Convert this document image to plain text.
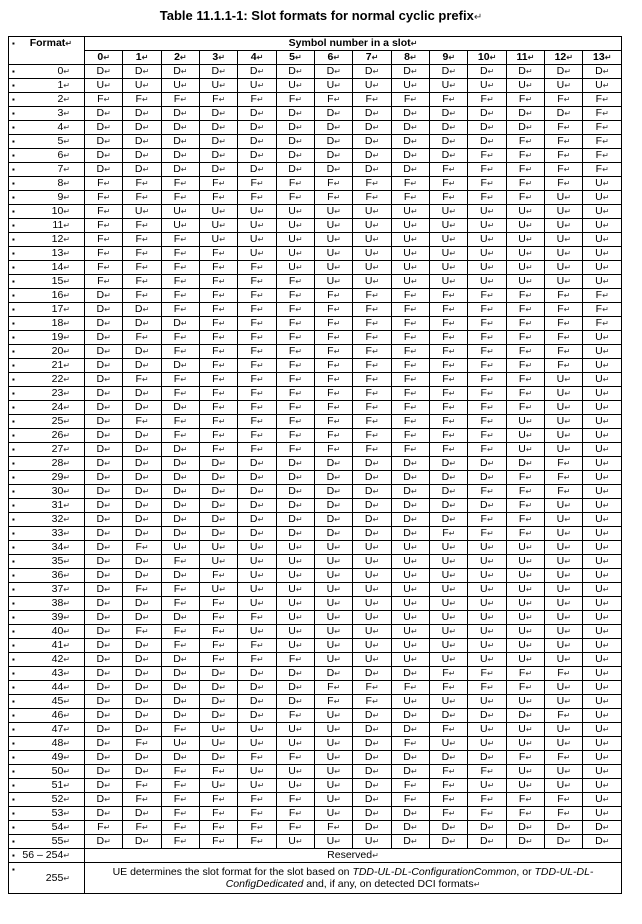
Table 11.1.1-1: Slot formats for normal cyclic prefix↵
▪ Format↵	Symbol number in a slot↵													
	0↵	1↵	2↵	3↵	4↵	5↵	6↵	7↵	8↵	9↵	10↵	11↵	12↵	13↵

▪ 0↵	D↵	D↵	D↵	D↵	D↵	D↵	D↵	D↵	D↵	D↵	D↵	D↵	D↵	D↵

▪ 1↵	U↵	U↵	U↵	U↵	U↵	U↵	U↵	U↵	U↵	U↵	U↵	U↵	U↵	U↵

▪ 2↵	F↵	F↵	F↵	F↵	F↵	F↵	F↵	F↵	F↵	F↵	F↵	F↵	F↵	F↵

▪ 3↵	D↵	D↵	D↵	D↵	D↵	D↵	D↵	D↵	D↵	D↵	D↵	D↵	D↵	F↵

▪ 4↵	D↵	D↵	D↵	D↵	D↵	D↵	D↵	D↵	D↵	D↵	D↵	D↵	F↵	F↵

▪ 5↵	D↵	D↵	D↵	D↵	D↵	D↵	D↵	D↵	D↵	D↵	D↵	F↵	F↵	F↵

▪ 6↵	D↵	D↵	D↵	D↵	D↵	D↵	D↵	D↵	D↵	D↵	F↵	F↵	F↵	F↵

▪ 7↵	D↵	D↵	D↵	D↵	D↵	D↵	D↵	D↵	D↵	F↵	F↵	F↵	F↵	F↵

▪ 8↵	F↵	F↵	F↵	F↵	F↵	F↵	F↵	F↵	F↵	F↵	F↵	F↵	F↵	U↵

▪ 9↵	F↵	F↵	F↵	F↵	F↵	F↵	F↵	F↵	F↵	F↵	F↵	F↵	U↵	U↵

▪ 10↵	F↵	U↵	U↵	U↵	U↵	U↵	U↵	U↵	U↵	U↵	U↵	U↵	U↵	U↵

▪ 11↵	F↵	F↵	U↵	U↵	U↵	U↵	U↵	U↵	U↵	U↵	U↵	U↵	U↵	U↵

▪ 12↵	F↵	F↵	F↵	U↵	U↵	U↵	U↵	U↵	U↵	U↵	U↵	U↵	U↵	U↵

▪ 13↵	F↵	F↵	F↵	F↵	U↵	U↵	U↵	U↵	U↵	U↵	U↵	U↵	U↵	U↵

▪ 14↵	F↵	F↵	F↵	F↵	F↵	U↵	U↵	U↵	U↵	U↵	U↵	U↵	U↵	U↵

▪ 15↵	F↵	F↵	F↵	F↵	F↵	F↵	U↵	U↵	U↵	U↵	U↵	U↵	U↵	U↵

▪ 16↵	D↵	F↵	F↵	F↵	F↵	F↵	F↵	F↵	F↵	F↵	F↵	F↵	F↵	F↵

▪ 17↵	D↵	D↵	F↵	F↵	F↵	F↵	F↵	F↵	F↵	F↵	F↵	F↵	F↵	F↵

▪ 18↵	D↵	D↵	D↵	F↵	F↵	F↵	F↵	F↵	F↵	F↵	F↵	F↵	F↵	F↵

▪ 19↵	D↵	F↵	F↵	F↵	F↵	F↵	F↵	F↵	F↵	F↵	F↵	F↵	F↵	U↵

▪ 20↵	D↵	D↵	F↵	F↵	F↵	F↵	F↵	F↵	F↵	F↵	F↵	F↵	F↵	U↵

▪ 21↵	D↵	D↵	D↵	F↵	F↵	F↵	F↵	F↵	F↵	F↵	F↵	F↵	F↵	U↵

▪ 22↵	D↵	F↵	F↵	F↵	F↵	F↵	F↵	F↵	F↵	F↵	F↵	F↵	U↵	U↵

▪ 23↵	D↵	D↵	F↵	F↵	F↵	F↵	F↵	F↵	F↵	F↵	F↵	F↵	U↵	U↵

▪ 24↵	D↵	D↵	D↵	F↵	F↵	F↵	F↵	F↵	F↵	F↵	F↵	F↵	U↵	U↵

▪ 25↵	D↵	F↵	F↵	F↵	F↵	F↵	F↵	F↵	F↵	F↵	F↵	U↵	U↵	U↵

▪ 26↵	D↵	D↵	F↵	F↵	F↵	F↵	F↵	F↵	F↵	F↵	F↵	U↵	U↵	U↵

▪ 27↵	D↵	D↵	D↵	F↵	F↵	F↵	F↵	F↵	F↵	F↵	F↵	U↵	U↵	U↵

▪ 28↵	D↵	D↵	D↵	D↵	D↵	D↵	D↵	D↵	D↵	D↵	D↵	D↵	F↵	U↵

▪ 29↵	D↵	D↵	D↵	D↵	D↵	D↵	D↵	D↵	D↵	D↵	D↵	F↵	F↵	U↵

▪ 30↵	D↵	D↵	D↵	D↵	D↵	D↵	D↵	D↵	D↵	D↵	F↵	F↵	F↵	U↵

▪ 31↵	D↵	D↵	D↵	D↵	D↵	D↵	D↵	D↵	D↵	D↵	D↵	F↵	U↵	U↵

▪ 32↵	D↵	D↵	D↵	D↵	D↵	D↵	D↵	D↵	D↵	D↵	F↵	F↵	U↵	U↵

▪ 33↵	D↵	D↵	D↵	D↵	D↵	D↵	D↵	D↵	D↵	F↵	F↵	F↵	U↵	U↵

▪ 34↵	D↵	F↵	U↵	U↵	U↵	U↵	U↵	U↵	U↵	U↵	U↵	U↵	U↵	U↵

▪ 35↵	D↵	D↵	F↵	U↵	U↵	U↵	U↵	U↵	U↵	U↵	U↵	U↵	U↵	U↵

▪ 36↵	D↵	D↵	D↵	F↵	U↵	U↵	U↵	U↵	U↵	U↵	U↵	U↵	U↵	U↵

▪ 37↵	D↵	F↵	F↵	U↵	U↵	U↵	U↵	U↵	U↵	U↵	U↵	U↵	U↵	U↵

▪ 38↵	D↵	D↵	F↵	F↵	U↵	U↵	U↵	U↵	U↵	U↵	U↵	U↵	U↵	U↵

▪ 39↵	D↵	D↵	D↵	F↵	F↵	U↵	U↵	U↵	U↵	U↵	U↵	U↵	U↵	U↵

▪ 40↵	D↵	F↵	F↵	F↵	U↵	U↵	U↵	U↵	U↵	U↵	U↵	U↵	U↵	U↵

▪ 41↵	D↵	D↵	F↵	F↵	F↵	U↵	U↵	U↵	U↵	U↵	U↵	U↵	U↵	U↵

▪ 42↵	D↵	D↵	D↵	F↵	F↵	F↵	U↵	U↵	U↵	U↵	U↵	U↵	U↵	U↵

▪ 43↵	D↵	D↵	D↵	D↵	D↵	D↵	D↵	D↵	D↵	F↵	F↵	F↵	F↵	U↵

▪ 44↵	D↵	D↵	D↵	D↵	D↵	D↵	F↵	F↵	F↵	F↵	F↵	F↵	U↵	U↵

▪ 45↵	D↵	D↵	D↵	D↵	D↵	D↵	F↵	F↵	U↵	U↵	U↵	U↵	U↵	U↵

▪ 46↵	D↵	D↵	D↵	D↵	D↵	F↵	U↵	D↵	D↵	D↵	D↵	D↵	F↵	U↵

▪ 47↵	D↵	D↵	F↵	U↵	U↵	U↵	U↵	D↵	D↵	F↵	U↵	U↵	U↵	U↵

▪ 48↵	D↵	F↵	U↵	U↵	U↵	U↵	U↵	D↵	F↵	U↵	U↵	U↵	U↵	U↵

▪ 49↵	D↵	D↵	D↵	D↵	F↵	F↵	U↵	D↵	D↵	D↵	D↵	F↵	F↵	U↵

▪ 50↵	D↵	D↵	F↵	F↵	U↵	U↵	U↵	D↵	D↵	F↵	F↵	U↵	U↵	U↵

▪ 51↵	D↵	F↵	F↵	U↵	U↵	U↵	U↵	D↵	F↵	F↵	U↵	U↵	U↵	U↵

▪ 52↵	D↵	F↵	F↵	F↵	F↵	F↵	U↵	D↵	F↵	F↵	F↵	F↵	F↵	U↵

▪ 53↵	D↵	D↵	F↵	F↵	F↵	F↵	U↵	D↵	D↵	F↵	F↵	F↵	F↵	U↵

▪ 54↵	F↵	F↵	F↵	F↵	F↵	F↵	F↵	D↵	D↵	D↵	D↵	D↵	D↵	D↵

▪ 55↵	D↵	D↵	F↵	F↵	F↵	U↵	U↵	U↵	D↵	D↵	D↵	D↵	D↵	D↵

▪ 56 – 254↵	Reserved↵													

▪
255↵	UE determines the slot format for the slot based on TDD-UL-DL-ConfigurationCommon, or TDD-UL-DL-ConfigDedicated and, if any, on detected DCI formats↵													
